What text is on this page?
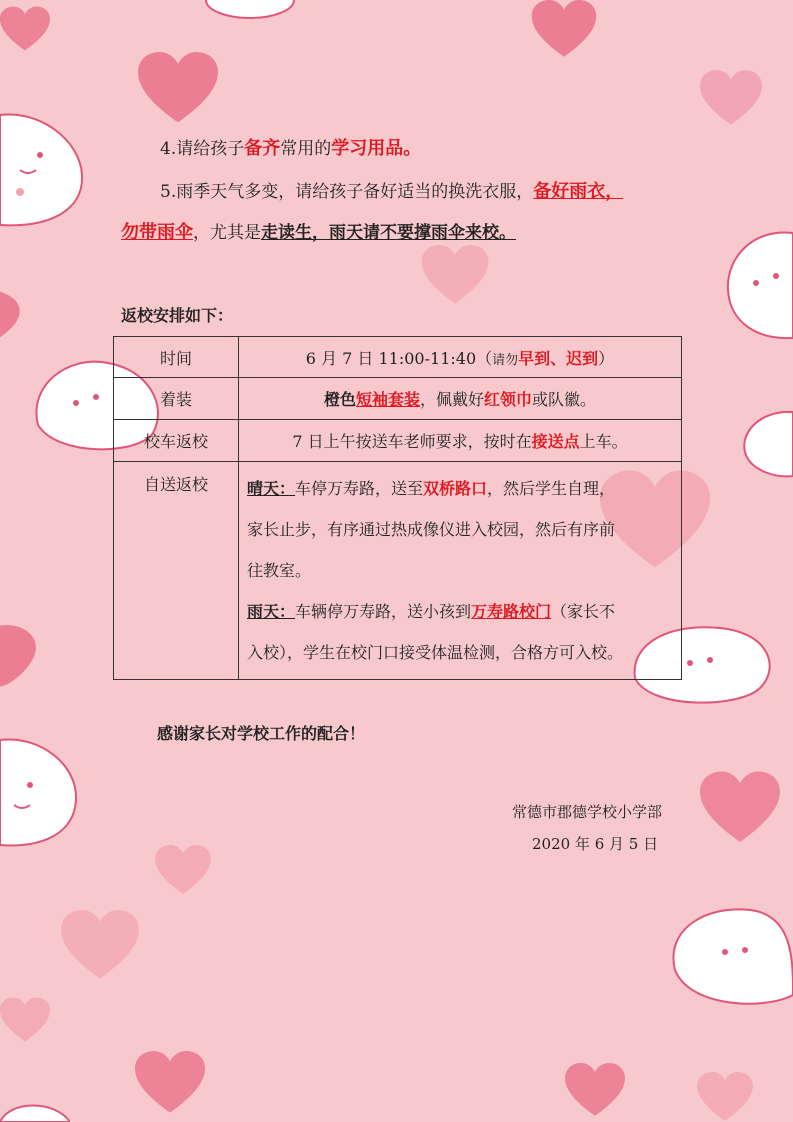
4.请给孩子备齐常用的学习用品。
5.雨季天气多变，请给孩子备好适当的换洗衣服，备好雨衣，
勿带雨伞，尤其是走读生，雨天请不要撑雨伞来校。
返校安排如下：
时间	6 月 7 日 11:00-11:40（请勿早到、迟到）
着装	橙色短袖套装，佩戴好红领巾或队徽。
校车返校	7 日上午按送车老师要求，按时在接送点上车。
自送返校	晴天：车停万寿路，送至双桥路口，然后学生自理，
家长止步，有序通过热成像仪进入校园，然后有序前
往教室。
雨天：车辆停万寿路，送小孩到万寿路校门（家长不
入校），学生在校门口接受体温检测，合格方可入校。
感谢家长对学校工作的配合！
常德市郡德学校小学部
2020 年 6 月 5 日
